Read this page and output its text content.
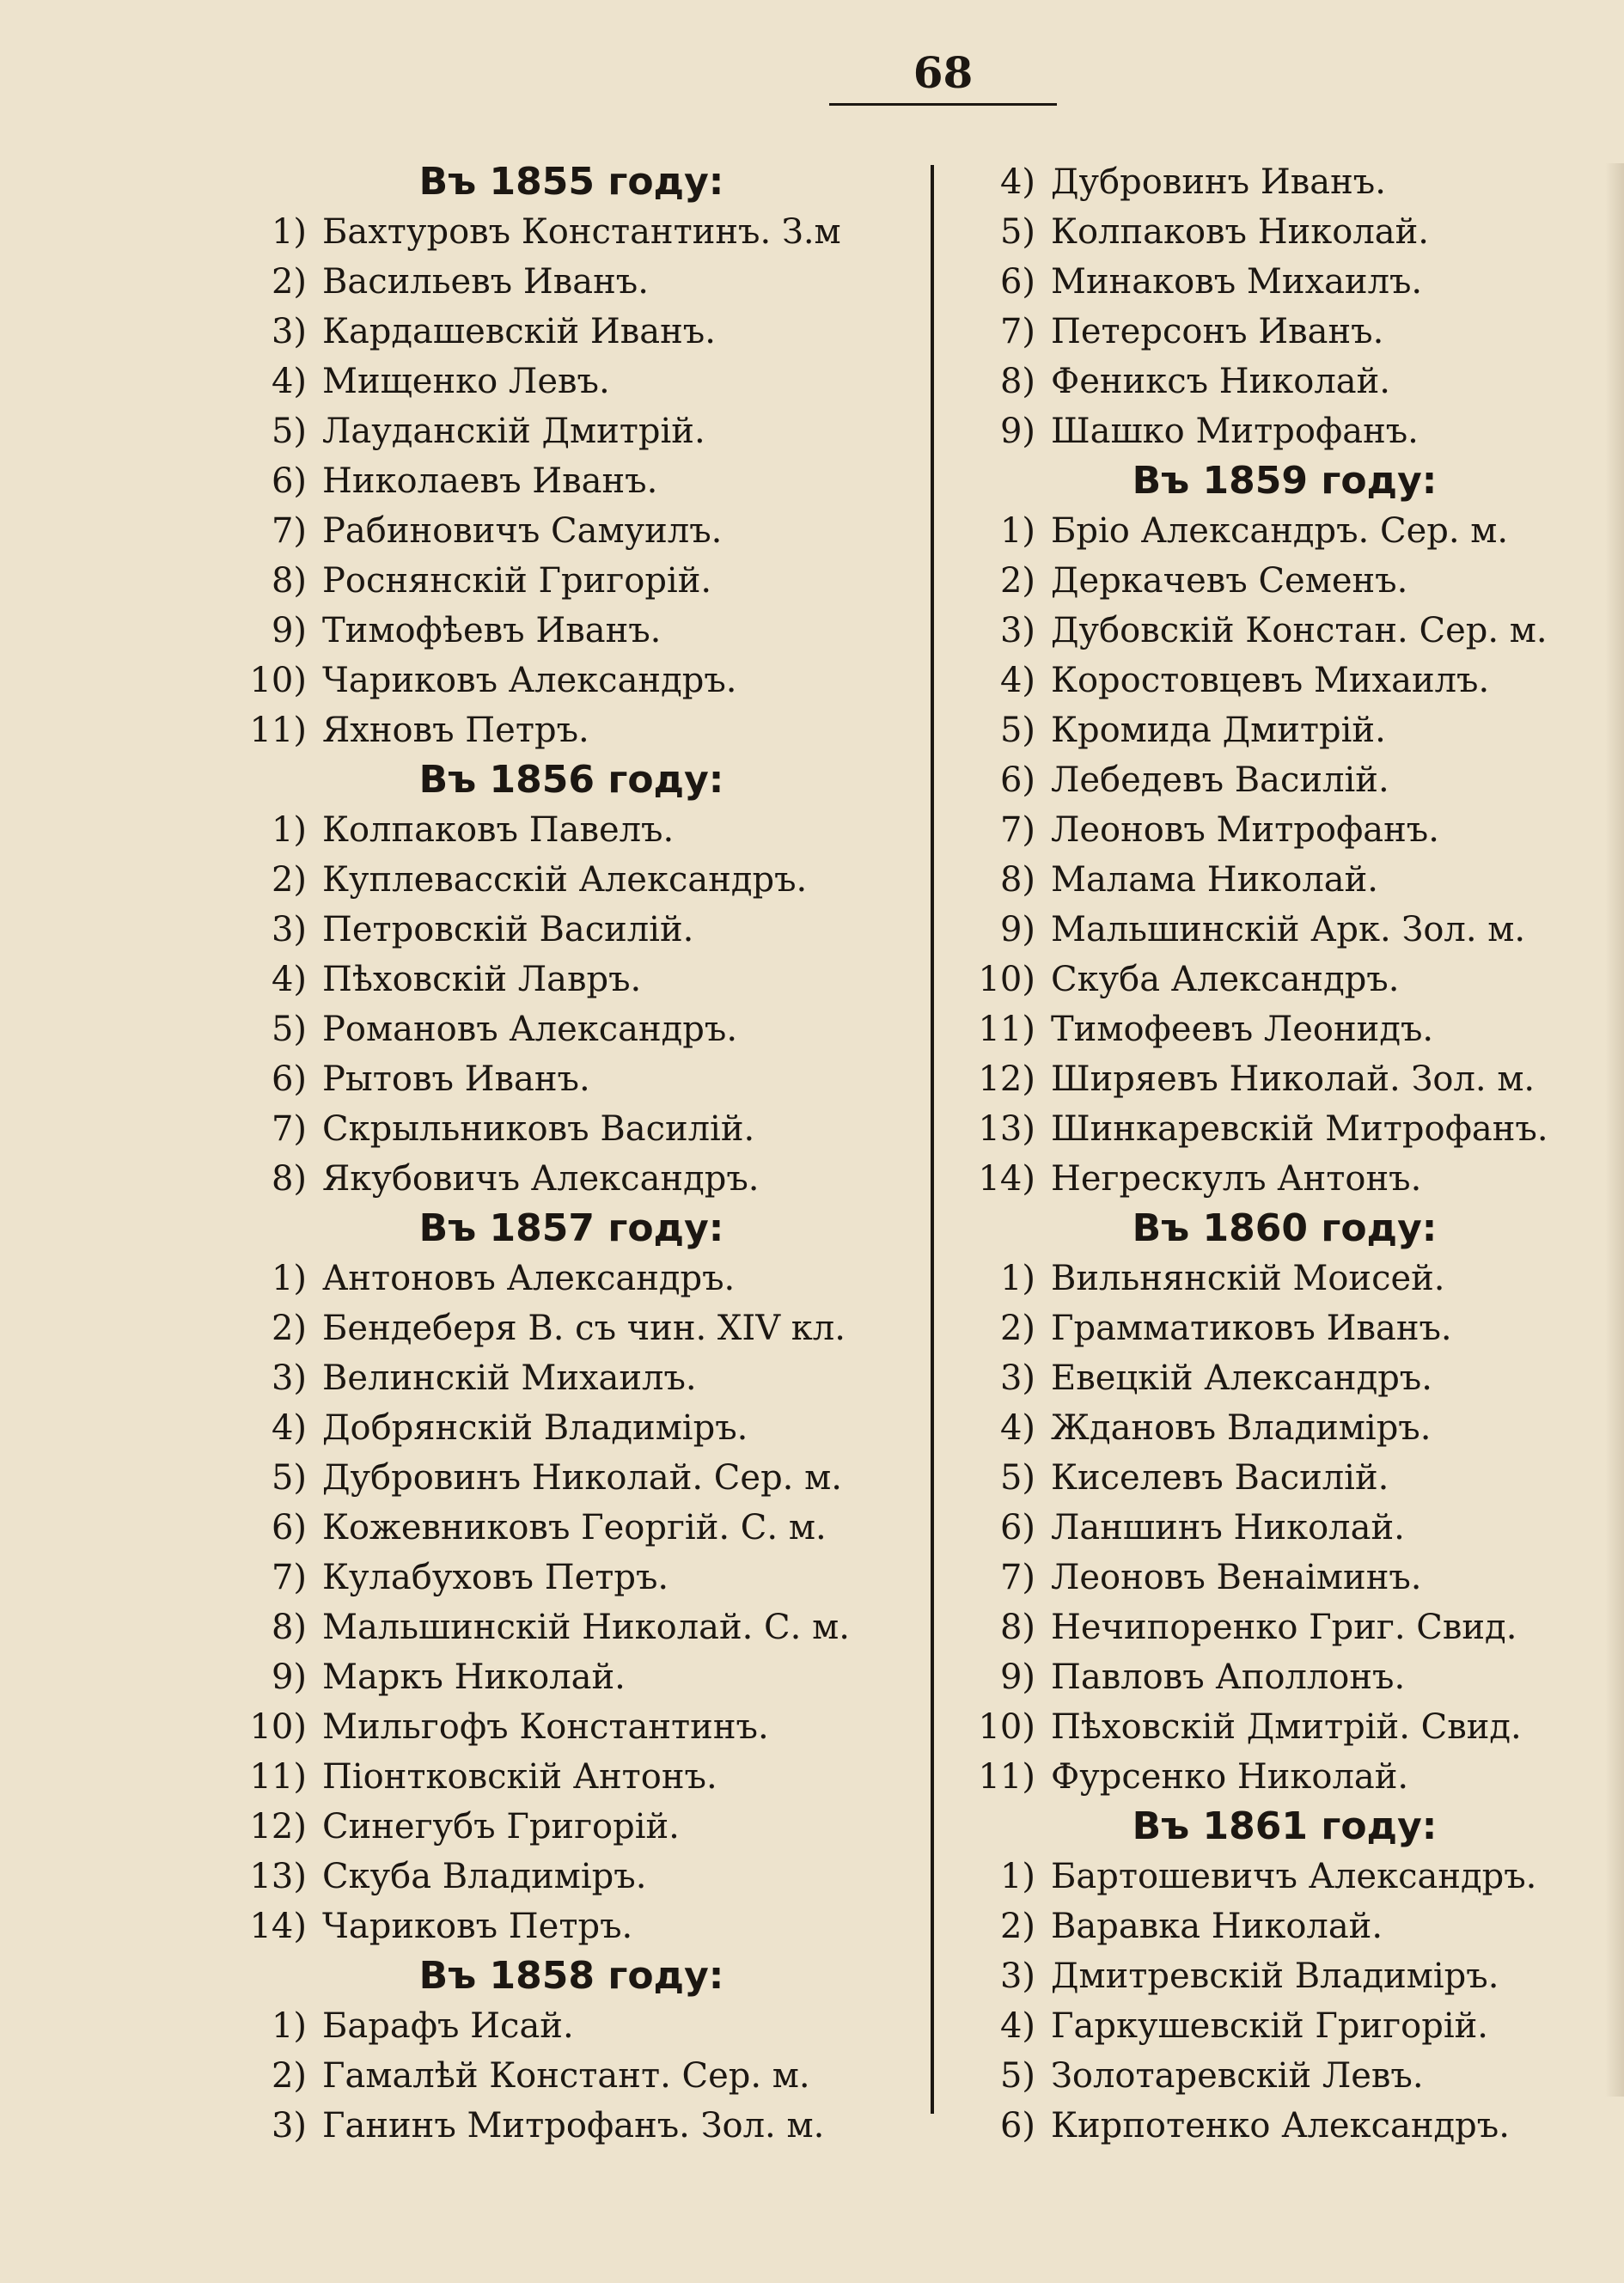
68
Въ 1855 году:
1) Бахтуровъ Константинъ. З.м
2) Васильевъ Иванъ.
3) Кардашевскій Иванъ.
4) Мищенко Левъ.
5) Лауданскій Дмитрій.
6) Николаевъ Иванъ.
7) Рабиновичъ Самуилъ.
8) Роснянскій Григорій.
9) Тимофѣевъ Иванъ.
10) Чариковъ Александръ.
11) Яхновъ Петръ.
Въ 1856 году:
1) Колпаковъ Павелъ.
2) Куплевасскій Александръ.
3) Петровскій Василій.
4) Пѣховскій Лавръ.
5) Романовъ Александръ.
6) Рытовъ Иванъ.
7) Скрыльниковъ Василій.
8) Якубовичъ Александръ.
Въ 1857 году:
1) Антоновъ Александръ.
2) Бендеберя В. съ чин. XIV кл.
3) Велинскій Михаилъ.
4) Добрянскій Владиміръ.
5) Дубровинъ Николай. Сер. м.
6) Кожевниковъ Георгій. С. м.
7) Кулабуховъ Петръ.
8) Мальшинскій Николай. С. м.
9) Маркъ Николай.
10) Мильгофъ Константинъ.
11) Піонтковскій Антонъ.
12) Синегубъ Григорій.
13) Скуба Владиміръ.
14) Чариковъ Петръ.
Въ 1858 году:
1) Барафъ Исай.
2) Гамалѣй Констант. Сер. м.
3) Ганинъ Митрофанъ. Зол. м.
4) Дубровинъ Иванъ.
5) Колпаковъ Николай.
6) Минаковъ Михаилъ.
7) Петерсонъ Иванъ.
8) Фениксъ Николай.
9) Шашко Митрофанъ.
Въ 1859 году:
1) Бріо Александръ. Сер. м.
2) Деркачевъ Семенъ.
3) Дубовскій Констан. Сер. м.
4) Коростовцевъ Михаилъ.
5) Кромида Дмитрій.
6) Лебедевъ Василій.
7) Леоновъ Митрофанъ.
8) Малама Николай.
9) Мальшинскій Арк. Зол. м.
10) Скуба Александръ.
11) Тимофеевъ Леонидъ.
12) Ширяевъ Николай. Зол. м.
13) Шинкаревскій Митрофанъ.
14) Негрескулъ Антонъ.
Въ 1860 году:
1) Вильнянскій Моисей.
2) Грамматиковъ Иванъ.
3) Евецкій Александръ.
4) Ждановъ Владиміръ.
5) Киселевъ Василій.
6) Ланшинъ Николай.
7) Леоновъ Венаіминъ.
8) Нечипоренко Григ. Свид.
9) Павловъ Аполлонъ.
10) Пѣховскій Дмитрій. Свид.
11) Фурсенко Николай.
Въ 1861 году:
1) Бартошевичъ Александръ.
2) Варавка Николай.
3) Дмитревскій Владиміръ.
4) Гаркушевскій Григорій.
5) Золотаревскій Левъ.
6) Кирпотенко Александръ.
